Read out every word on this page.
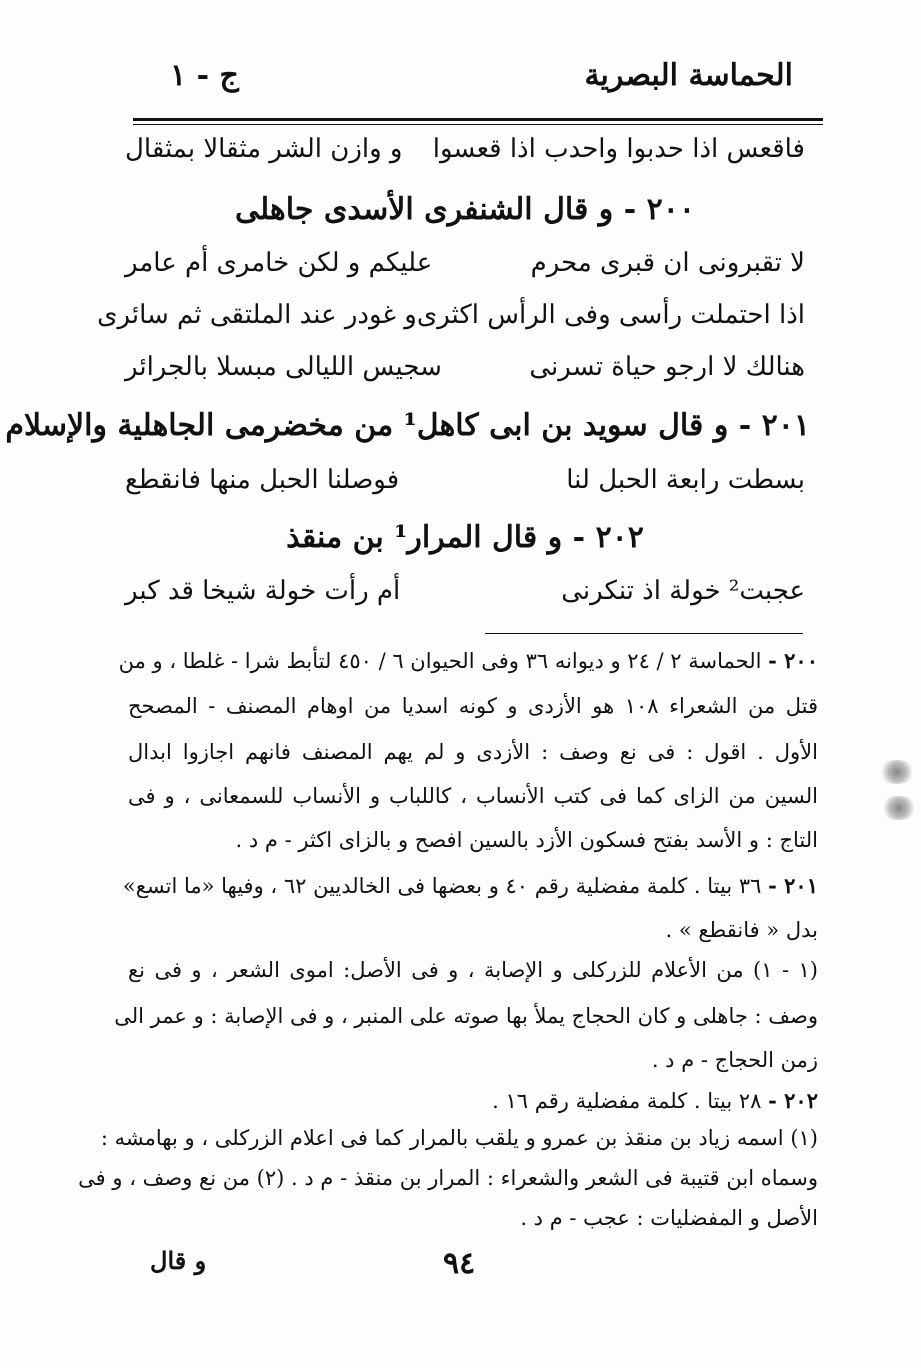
الحماسة البصرية
ج - ١
فاقعس اذا حدبوا واحدب اذا قعسوا
و وازن الشر مثقالا بمثقال
٢٠٠ - و قال الشنفرى الأسدى جاهلى
لا تقبرونى ان قبرى محرم
عليكم و لكن خامرى أم عامر
اذا احتملت رأسى وفى الرأس اكثرى
و غودر عند الملتقى ثم سائرى
هنالك لا ارجو حياة تسرنى
سجيس الليالى مبسلا بالجرائر
٢٠١ - و قال سويد بن ابى كاهل¹ من مخضرمى الجاهلية والإسلام
بسطت رابعة الحبل لنا
فوصلنا الحبل منها فانقطع
٢٠٢ - و قال المرار¹ بن منقذ
عجبت² خولة اذ تنكرنى
أم رأت خولة شيخا قد كبر
٢٠٠ - الحماسة ٢ / ٢٤ و ديوانه ٣٦ وفى الحيوان ٦ / ٤٥٠ لتأبط شرا - غلطا ، و من
قتل من الشعراء ١٠٨ هو الأزدى و كونه اسديا من اوهام المصنف - المصحح
الأول . اقول : فى نع وصف : الأزدى و لم يهم المصنف فانهم اجازوا ابدال
السين من الزاى كما فى كتب الأنساب ، كاللباب و الأنساب للسمعانى ، و فى
التاج : و الأسد بفتح فسكون الأزد بالسين افصح و بالزاى اكثر - م د .
٢٠١ - ٣٦ بيتا . كلمة مفضلية رقم ٤٠ و بعضها فى الخالديين ٦٢ ، وفيها «ما اتسع»
بدل « فانقطع » .
(١ - ١) من الأعلام للزركلى و الإصابة ، و فى الأصل: اموى الشعر ، و فى نع
وصف : جاهلى و كان الحجاج يملأ بها صوته على المنبر ، و فى الإصابة : و عمر الى
زمن الحجاج - م د .
٢٠٢ - ٢٨ بيتا . كلمة مفضلية رقم ١٦ .
(١) اسمه زياد بن منقذ بن عمرو و يلقب بالمرار كما فى اعلام الزركلى ، و بهامشه :
وسماه ابن قتيبة فى الشعر والشعراء : المرار بن منقذ - م د . (٢) من نع وصف ، و فى
الأصل و المفضليات : عجب - م د .
٩٤
و قال
